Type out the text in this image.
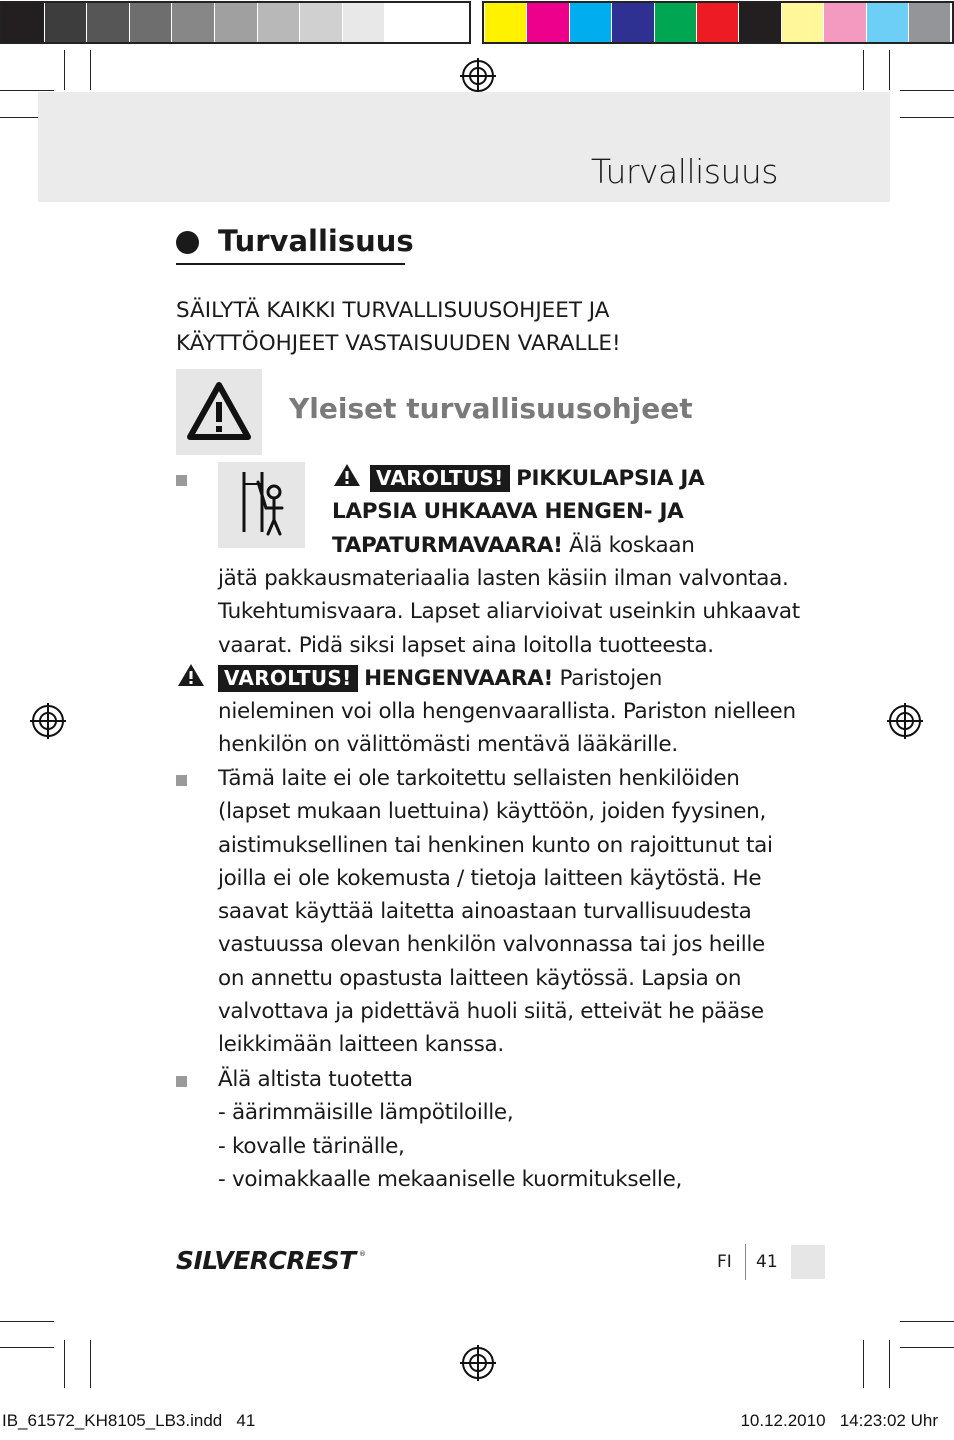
Turvallisuus
Turvallisuus
SÄILYTÄ KAIKKI TURVALLISUUSOHJEET JA
KÄYTTÖOHJEET VASTAISUUDEN VARALLE!
Yleiset turvallisuusohjeet
VAROLTUS! PIKKULAPSIA JA
LAPSIA UHKAAVA HENGEN- JA
TAPATURMAVAARA! Älä koskaan
jätä pakkausmateriaalia lasten käsiin ilman valvontaa.
Tukehtumisvaara. Lapset aliarvioivat useinkin uhkaavat
vaarat. Pidä siksi lapset aina loitolla tuotteesta.
VAROLTUS! HENGENVAARA! Paristojen
nieleminen voi olla hengenvaarallista. Pariston nielleen
henkilön on välittömästi mentävä lääkärille.
Tämä laite ei ole tarkoitettu sellaisten henkilöiden
(lapset mukaan luettuina) käyttöön, joiden fyysinen,
aistimuksellinen tai henkinen kunto on rajoittunut tai
joilla ei ole kokemusta / tietoja laitteen käytöstä. He
saavat käyttää laitetta ainoastaan turvallisuudesta
vastuussa olevan henkilön valvonnassa tai jos heille
on annettu opastusta laitteen käytössä. Lapsia on
valvottava ja pidettävä huoli siitä, etteivät he pääse
leikkimään laitteen kanssa.
Älä altista tuotetta
- äärimmäisille lämpötiloille,
- kovalle tärinälle,
- voimakkaalle mekaaniselle kuormitukselle,
SILVERCREST ®	FI 41
IB_61572_KH8105_LB3.indd   41	10.12.2010   14:23:02 Uhr
